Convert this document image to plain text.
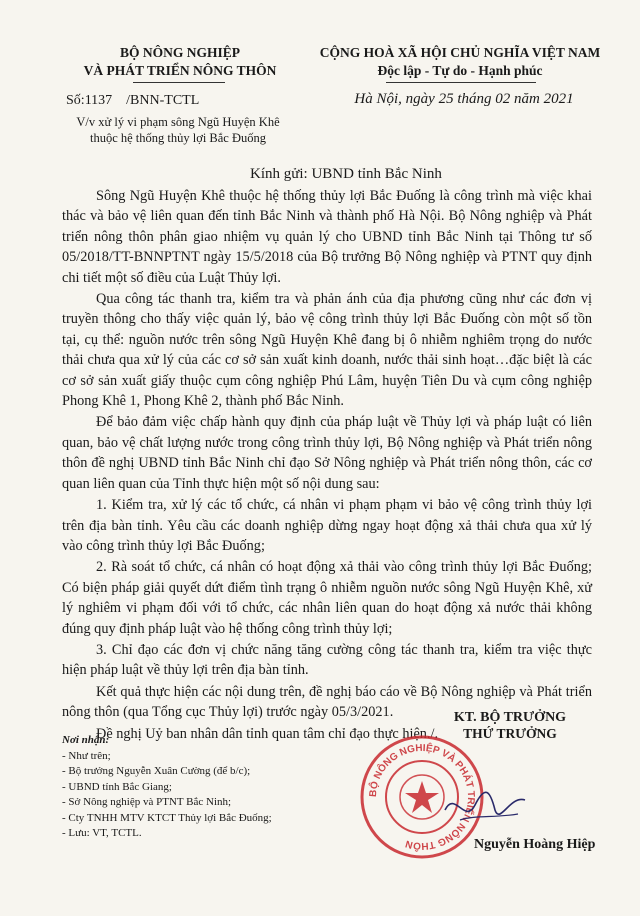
BỘ NÔNG NGHIỆP
VÀ PHÁT TRIỂN NÔNG THÔN
CỘNG HOÀ XÃ HỘI CHỦ NGHĨA VIỆT NAM
Độc lập - Tự do - Hạnh phúc
Số:1137 /BNN-TCTL	Hà Nội, ngày 25 tháng 02 năm 2021
V/v xử lý vi phạm sông Ngũ Huyện Khê
thuộc hệ thống thủy lợi Bắc Đuống
Kính gửi: UBND tỉnh Bắc Ninh

Sông Ngũ Huyện Khê thuộc hệ thống thủy lợi Bắc Đuống là công trình mà việc khai thác và bảo vệ liên quan đến tỉnh Bắc Ninh và thành phố Hà Nội. Bộ Nông nghiệp và Phát triển nông thôn phân giao nhiệm vụ quản lý cho UBND tỉnh Bắc Ninh tại Thông tư số 05/2018/TT-BNNPTNT ngày 15/5/2018 của Bộ trưởng Bộ Nông nghiệp và PTNT quy định chi tiết một số điều của Luật Thủy lợi.

Qua công tác thanh tra, kiểm tra và phản ánh của địa phương cũng như các đơn vị truyền thông cho thấy việc quản lý, bảo vệ công trình thủy lợi Bắc Đuống còn một số tồn tại, cụ thể: nguồn nước trên sông Ngũ Huyện Khê đang bị ô nhiễm nghiêm trọng do nước thải chưa qua xử lý của các cơ sở sản xuất kinh doanh, nước thải sinh hoạt…đặc biệt là các cơ sở sản xuất giấy thuộc cụm công nghiệp Phú Lâm, huyện Tiên Du và cụm công nghiệp Phong Khê 1, Phong Khê 2, thành phố Bắc Ninh.

Để bảo đảm việc chấp hành quy định của pháp luật về Thủy lợi và pháp luật có liên quan, bảo vệ chất lượng nước trong công trình thủy lợi, Bộ Nông nghiệp và Phát triển nông thôn đề nghị UBND tỉnh Bắc Ninh chỉ đạo Sở Nông nghiệp và Phát triển nông thôn, các cơ quan liên quan của Tỉnh thực hiện một số nội dung sau:

1. Kiểm tra, xử lý các tổ chức, cá nhân vi phạm phạm vi bảo vệ công trình thủy lợi trên địa bàn tỉnh. Yêu cầu các doanh nghiệp dừng ngay hoạt động xả thải chưa qua xử lý vào công trình thủy lợi Bắc Đuống;

2. Rà soát tổ chức, cá nhân có hoạt động xả thải vào công trình thủy lợi Bắc Đuống; Có biện pháp giải quyết dứt điểm tình trạng ô nhiễm nguồn nước sông Ngũ Huyện Khê, xử lý nghiêm vi phạm đối với tổ chức, các nhân liên quan do hoạt động xả nước thải không đúng quy định pháp luật vào hệ thống công trình thủy lợi;

3. Chỉ đạo các đơn vị chức năng tăng cường công tác thanh tra, kiểm tra việc thực hiện pháp luật về thủy lợi trên địa bàn tỉnh.

Kết quả thực hiện các nội dung trên, đề nghị báo cáo về Bộ Nông nghiệp và Phát triển nông thôn (qua Tổng cục Thủy lợi) trước ngày 05/3/2021.

Đề nghị Uỷ ban nhân dân tỉnh quan tâm chỉ đạo thực hiện./.

Nơi nhận:
- Như trên;
- Bộ trưởng Nguyễn Xuân Cường (để b/c);
- UBND tỉnh Bắc Giang;
- Sở Nông nghiệp và PTNT Bắc Ninh;
- Cty TNHH MTV KTCT Thủy lợi Bắc Đuống;
- Lưu: VT, TCTL.
KT. BỘ TRƯỞNG
THỨ TRƯỞNG
BỘ NÔNG NGHIỆP VÀ PHÁT TRIỂN NÔNG THÔN	Nguyễn Hoàng Hiệp
